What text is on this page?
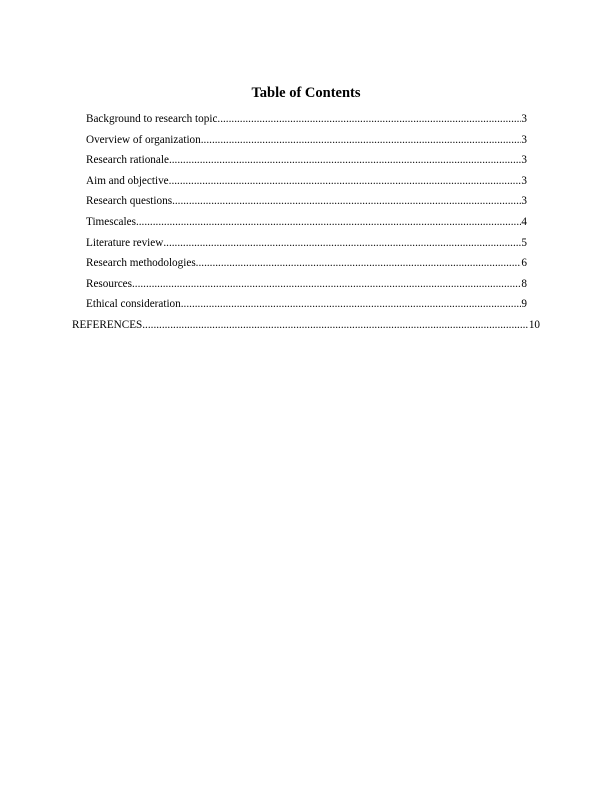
Table of Contents
Background to research topic .....	3
Overview of organization .....	3
Research rationale .....	3
Aim and objective .....	3
Research questions .....	3
Timescales .....	4
Literature review .....	5
Research methodologies .....	6
Resources .....	8
Ethical consideration .....	9
REFERENCES .....	10
